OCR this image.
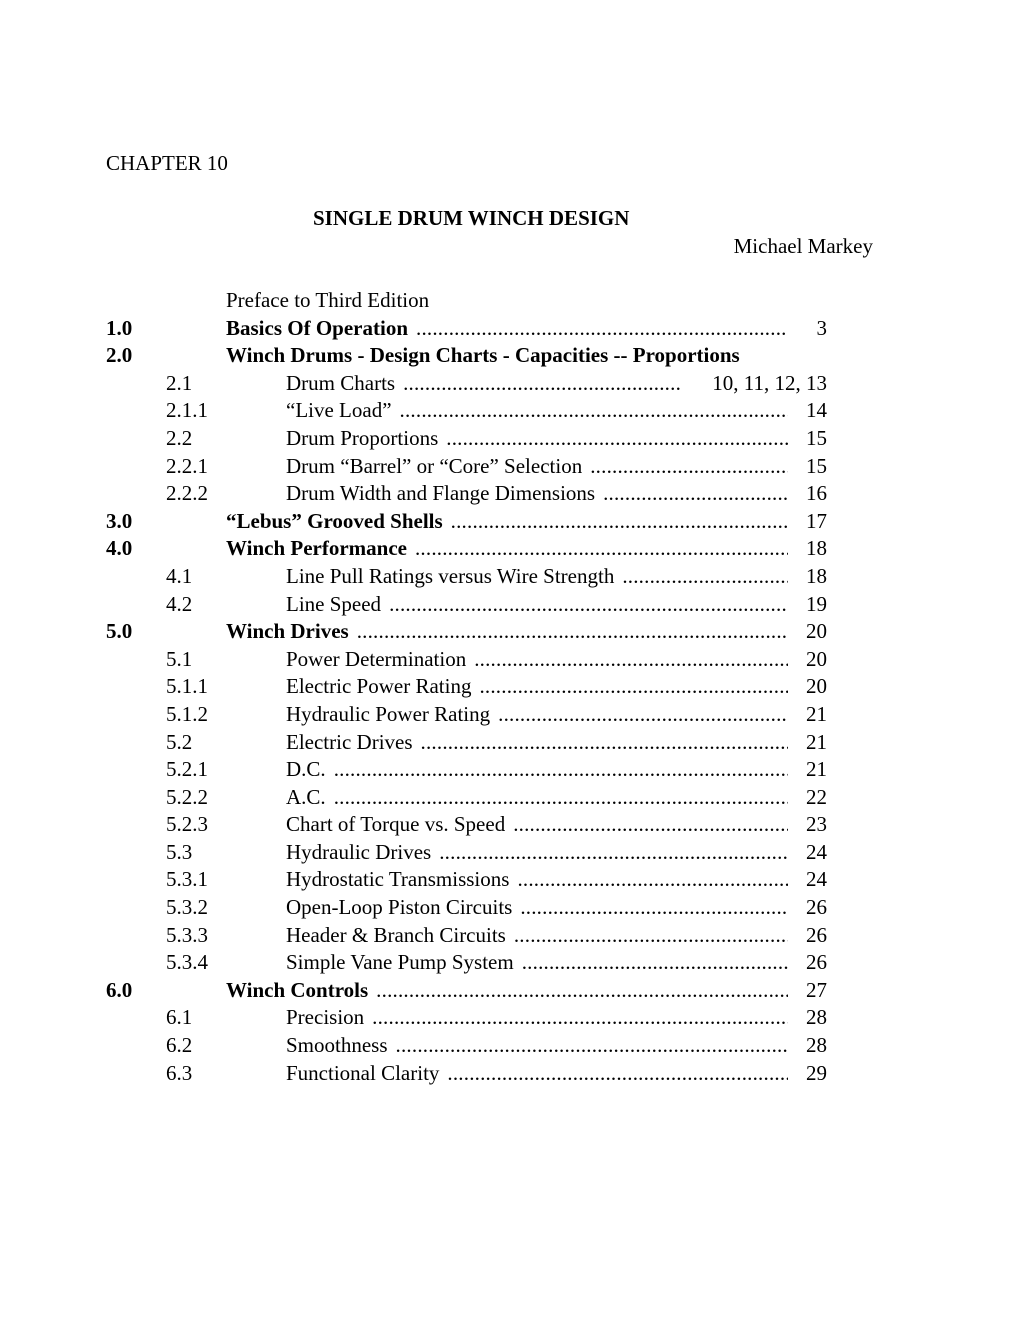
CHAPTER 10
SINGLE DRUM WINCH DESIGN
Michael Markey
Preface to Third Edition
1.0	Basics Of Operation .....	3
2.0	Winch Drums - Design Charts - Capacities -- Proportions
2.1	Drum Charts .....	10, 11, 12, 13
2.1.1	“Live Load” .....	14
2.2	Drum Proportions .....	15
2.2.1	Drum “Barrel” or “Core” Selection .....	15
2.2.2	Drum Width and Flange Dimensions .....	16
3.0	“Lebus” Grooved Shells .....	17
4.0	Winch Performance .....	18
4.1	Line Pull Ratings versus Wire Strength .....	18
4.2	Line Speed .....	19
5.0	Winch Drives .....	20
5.1	Power Determination .....	20
5.1.1	Electric Power Rating .....	20
5.1.2	Hydraulic Power Rating .....	21
5.2	Electric Drives .....	21
5.2.1	D.C. .....	21
5.2.2	A.C. .....	22
5.2.3	Chart of Torque vs. Speed .....	23
5.3	Hydraulic Drives .....	24
5.3.1	Hydrostatic Transmissions .....	24
5.3.2	Open-Loop Piston Circuits .....	26
5.3.3	Header & Branch Circuits .....	26
5.3.4	Simple Vane Pump System .....	26
6.0	Winch Controls .....	27
6.1	Precision .....	28
6.2	Smoothness .....	28
6.3	Functional Clarity .....	29
